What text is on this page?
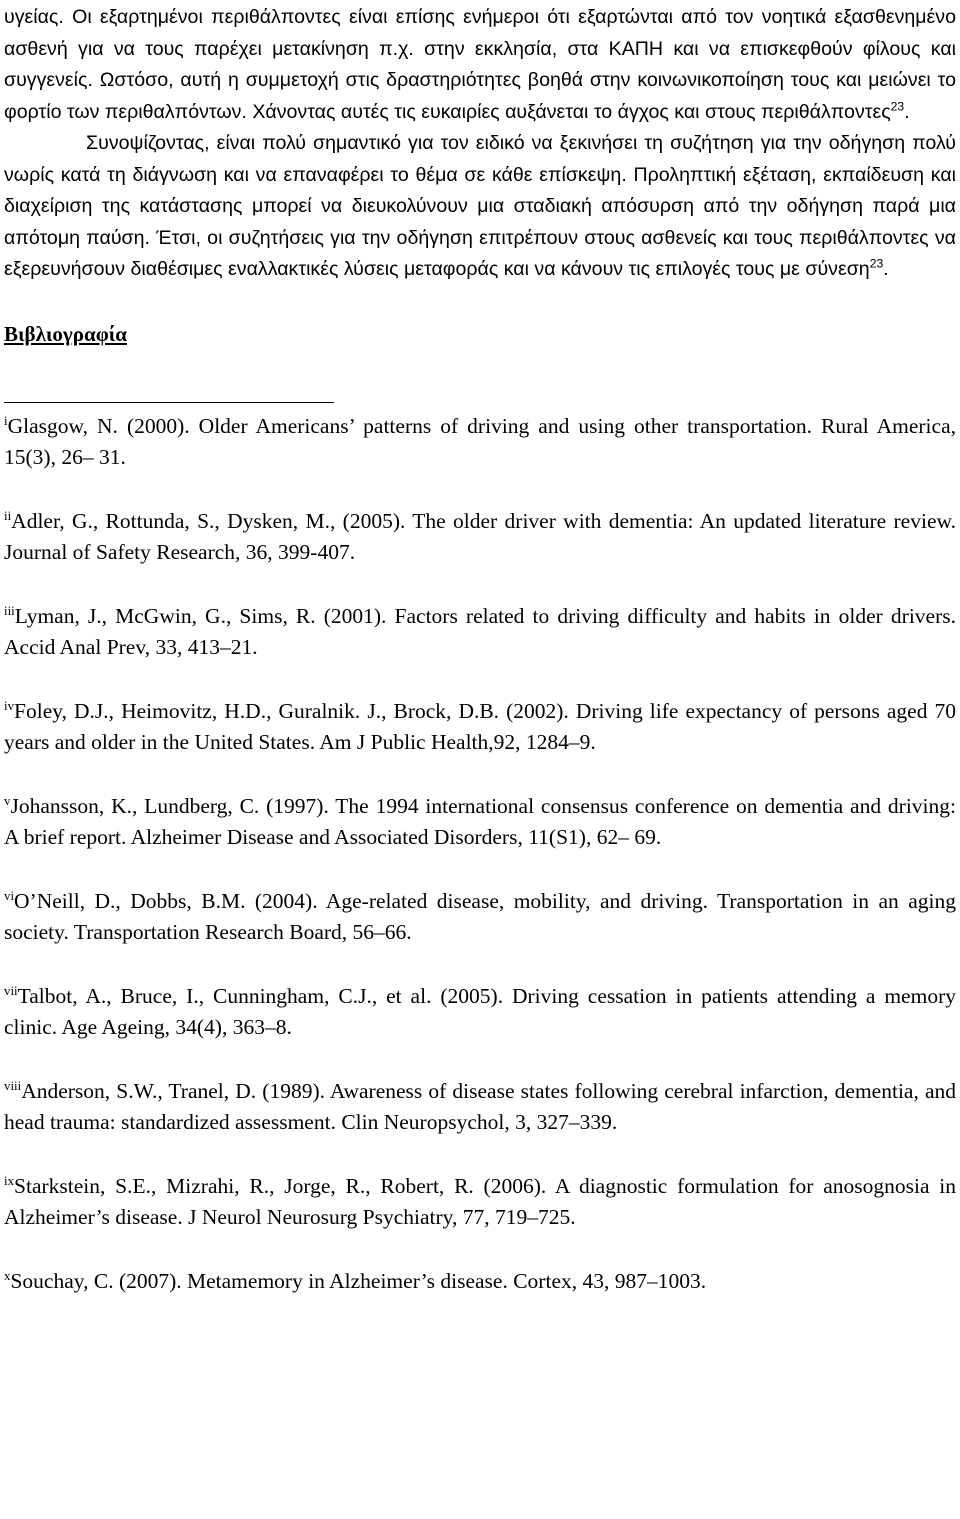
υγείας. Οι εξαρτημένοι περιθάλποντες είναι επίσης ενήμεροι ότι εξαρτώνται από τον νοητικά εξασθενημένο ασθενή για να τους παρέχει μετακίνηση π.χ. στην εκκλησία, στα ΚΑΠΗ και να επισκεφθούν φίλους και συγγενείς. Ωστόσο, αυτή η συμμετοχή στις δραστηριότητες βοηθά στην κοινωνικοποίηση τους και μειώνει το φορτίο των περιθαλπόντων. Χάνοντας αυτές τις ευκαιρίες αυξάνεται το άγχος και στους περιθάλποντες$^{23}$.

Συνοψίζοντας, είναι πολύ σημαντικό για τον ειδικό να ξεκινήσει τη συζήτηση για την οδήγηση πολύ νωρίς κατά τη διάγνωση και να επαναφέρει το θέμα σε κάθε επίσκεψη. Προληπτική εξέταση, εκπαίδευση και διαχείριση της κατάστασης μπορεί να διευκολύνουν μια σταδιακή απόσυρση από την οδήγηση παρά μια απότομη παύση. Έτσι, οι συζητήσεις για την οδήγηση επιτρέπουν στους ασθενείς και τους περιθάλποντες να εξερευνήσουν διαθέσιμες εναλλακτικές λύσεις μεταφοράς και να κάνουν τις επιλογές τους με σύνεση$^{23}$.

Βιβλιογραφία
$^i$Glasgow, N. (2000). Older Americans’ patterns of driving and using other transportation. Rural America, 15(3), 26– 31.
$^{ii}$Adler, G., Rottunda, S., Dysken, M., (2005). The older driver with dementia: An updated literature review. Journal of Safety Research, 36, 399-407.
$^{iii}$Lyman, J., McGwin, G., Sims, R. (2001). Factors related to driving difficulty and habits in older drivers. Accid Anal Prev, 33, 413–21.
$^{iv}$Foley, D.J., Heimovitz, H.D., Guralnik. J., Brock, D.B. (2002). Driving life expectancy of persons aged 70 years and older in the United States. Am J Public Health,92, 1284–9.
$^v$Johansson, K., Lundberg, C. (1997). The 1994 international consensus conference on dementia and driving: A brief report. Alzheimer Disease and Associated Disorders, 11(S1), 62– 69.
$^{vi}$O’Neill, D., Dobbs, B.M. (2004). Age-related disease, mobility, and driving. Transportation in an aging society. Transportation Research Board, 56–66.
$^{vii}$Talbot, A., Bruce, I., Cunningham, C.J., et al. (2005). Driving cessation in patients attending a memory clinic. Age Ageing, 34(4), 363–8.
$^{viii}$Anderson, S.W., Tranel, D. (1989). Awareness of disease states following cerebral infarction, dementia, and head trauma: standardized assessment. Clin Neuropsychol, 3, 327–339.
$^{ix}$Starkstein, S.E., Mizrahi, R., Jorge, R., Robert, R. (2006). A diagnostic formulation for anosognosia in Alzheimer’s disease. J Neurol Neurosurg Psychiatry, 77, 719–725.
$^x$Souchay, C. (2007). Metamemory in Alzheimer’s disease. Cortex, 43, 987–1003.
